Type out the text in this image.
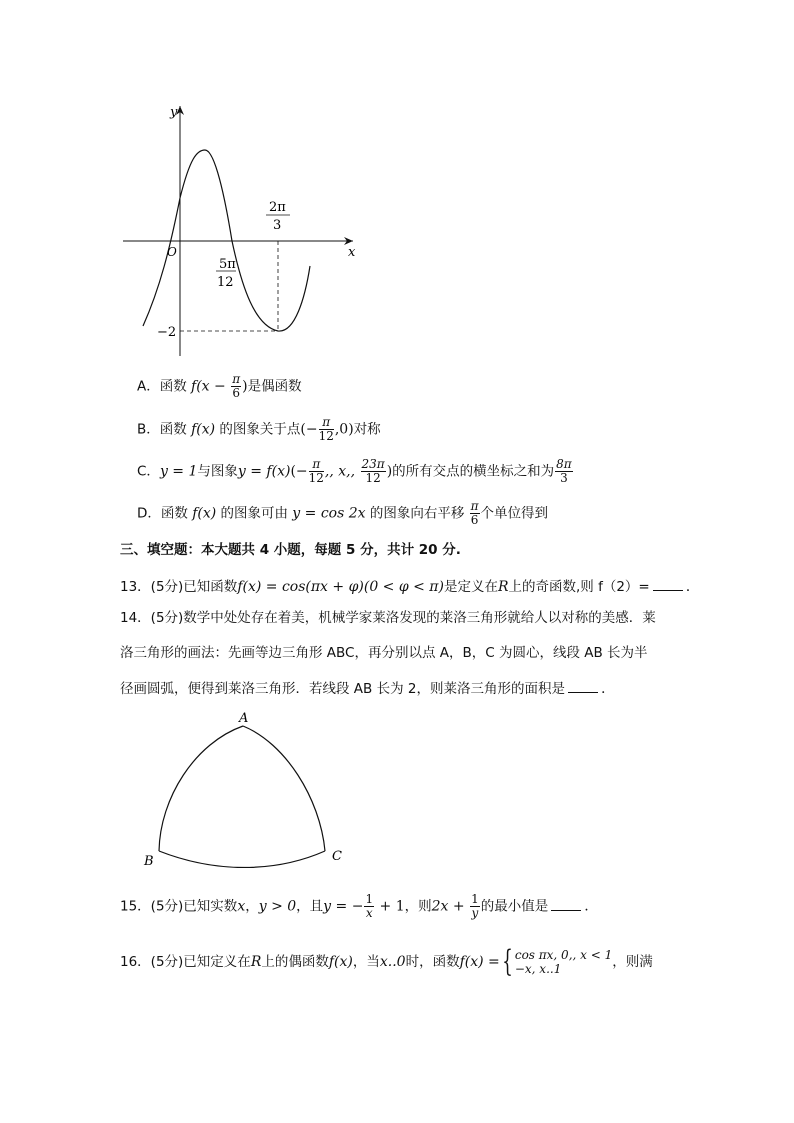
y
x
O
2π
3
5π
12
−2
A．函数 $f(x - \frac{\pi}{6}$ )是偶函数
B．函数 f(x) 的图象关于点(− $\frac{\pi}{12} ,0$)对称
C．y = 1与图象$y = f(x)(- \frac{\pi}{12}$ ,, x,, $\frac{23\pi}{12}$ )的所有交点的横坐标之和为 $\frac{8\pi}{3}$
D．函数 f(x) 的图象可由 y = cos 2x 的图象向右平移 $\frac{\pi}{6}$ 个单位得到
三、填空题：本大题共 4 小题，每题 5 分，共计 20 分.
13．(5分)已知函数f(x) = cos(πx + φ)(0 < φ < π)是定义在R上的奇函数,则 f（2）=	.
14．(5分)数学中处处存在着美，机械学家莱洛发现的莱洛三角形就给人以对称的美感．莱
洛三角形的画法：先画等边三角形 ABC，再分别以点 A，B，C 为圆心，线段 AB 长为半
径画圆弧，便得到莱洛三角形．若线段 AB 长为 2，则莱洛三角形的面积是	.
A
B	C
15．(5分)已知实数x，y > 0，且y = − $\frac{1}{x} + 1$，则$2x + \frac{1}{y}$ 的最小值是	.
16．(5分)已知定义在R上的偶函数f(x)，当x..0时，函数f(x) ={ cos πx, 0,, x < 1
−x, x..1	，则满
